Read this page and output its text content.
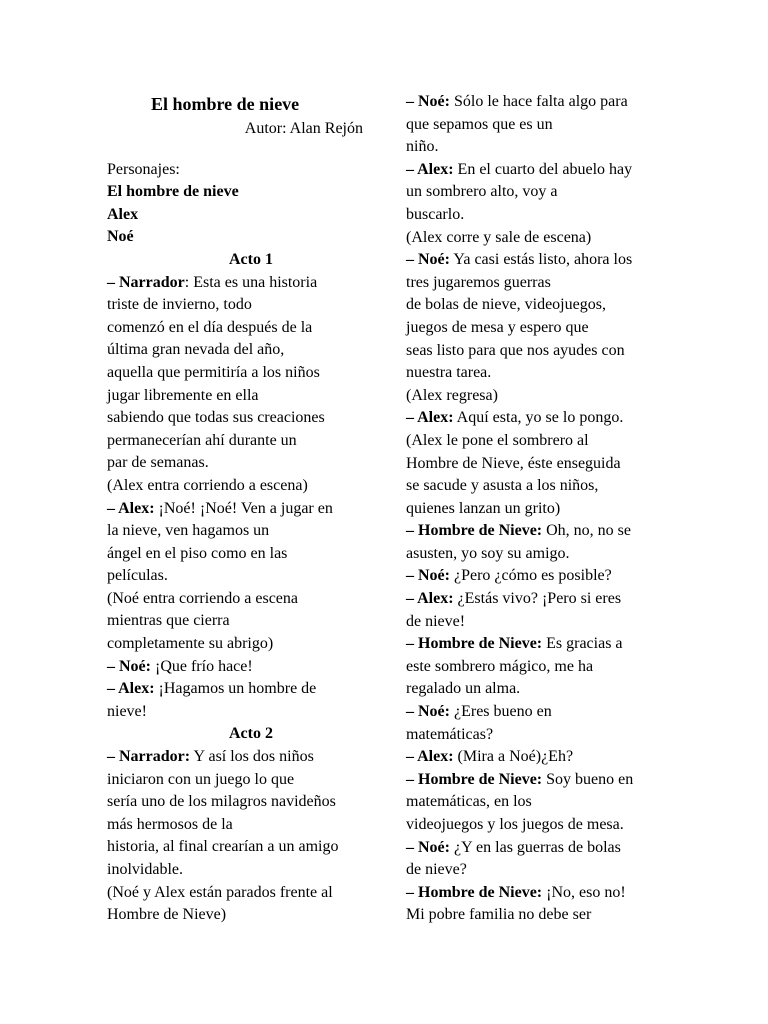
El hombre de nieve
Autor: Alan Rejón
Personajes:
El hombre de nieve
Alex
Noé
Acto 1
– Narrador: Esta es una historia
triste de invierno, todo
comenzó en el día después de la
última gran nevada del año,
aquella que permitiría a los niños
jugar libremente en ella
sabiendo que todas sus creaciones
permanecerían ahí durante un
par de semanas.
(Alex entra corriendo a escena)
– Alex: ¡Noé! ¡Noé! Ven a jugar en
la nieve, ven hagamos un
ángel en el piso como en las
películas.
(Noé entra corriendo a escena
mientras que cierra
completamente su abrigo)
– Noé: ¡Que frío hace!
– Alex: ¡Hagamos un hombre de
nieve!
Acto 2
– Narrador: Y así los dos niños
iniciaron con un juego lo que
sería uno de los milagros navideños
más hermosos de la
historia, al final crearían a un amigo
inolvidable.
(Noé y Alex están parados frente al
Hombre de Nieve)
– Noé: Sólo le hace falta algo para
que sepamos que es un
niño.
– Alex: En el cuarto del abuelo hay
un sombrero alto, voy a
buscarlo.
(Alex corre y sale de escena)
– Noé: Ya casi estás listo, ahora los
tres jugaremos guerras
de bolas de nieve, videojuegos,
juegos de mesa y espero que
seas listo para que nos ayudes con
nuestra tarea.
(Alex regresa)
– Alex: Aquí esta, yo se lo pongo.
(Alex le pone el sombrero al
Hombre de Nieve, éste enseguida
se sacude y asusta a los niños,
quienes lanzan un grito)
– Hombre de Nieve: Oh, no, no se
asusten, yo soy su amigo.
– Noé: ¿Pero ¿cómo es posible?
– Alex: ¿Estás vivo? ¡Pero si eres
de nieve!
– Hombre de Nieve: Es gracias a
este sombrero mágico, me ha
regalado un alma.
– Noé: ¿Eres bueno en
matemáticas?
– Alex: (Mira a Noé)¿Eh?
– Hombre de Nieve: Soy bueno en
matemáticas, en los
videojuegos y los juegos de mesa.
– Noé: ¿Y en las guerras de bolas
de nieve?
– Hombre de Nieve: ¡No, eso no!
Mi pobre familia no debe ser
